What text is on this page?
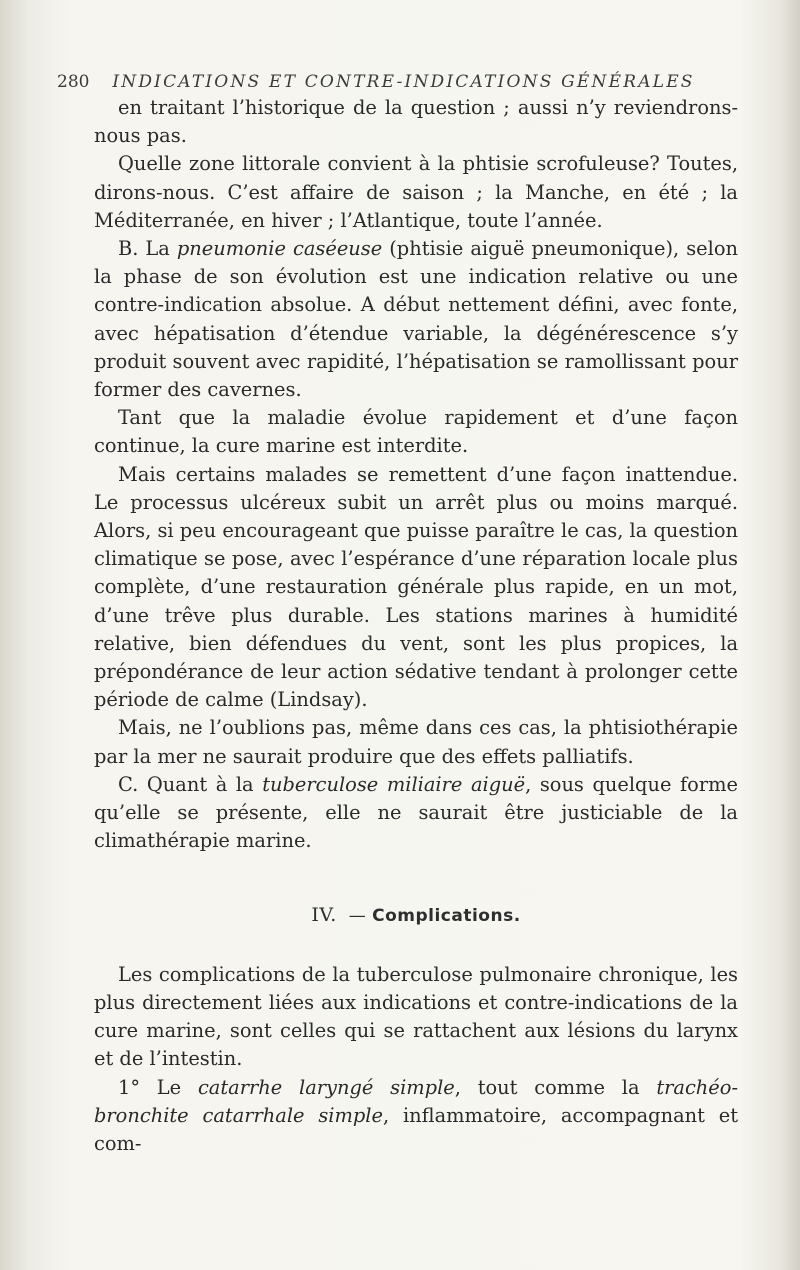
280 INDICATIONS ET CONTRE-INDICATIONS GÉNÉRALES

en traitant l’historique de la question ; aussi n’y reviendrons-nous pas.

Quelle zone littorale convient à la phtisie scrofuleuse? Toutes, dirons-nous. C’est affaire de saison ; la Manche, en été ; la Méditerranée, en hiver ; l’Atlantique, toute l’année.

B. La pneumonie caséeuse (phtisie aiguë pneumonique), selon la phase de son évolution est une indication relative ou une contre-indication absolue. A début nettement défini, avec fonte, avec hépatisation d’étendue variable, la dégénérescence s’y produit souvent avec rapidité, l’hépatisation se ramollissant pour former des cavernes.

Tant que la maladie évolue rapidement et d’une façon continue, la cure marine est interdite.

Mais certains malades se remettent d’une façon inattendue. Le processus ulcéreux subit un arrêt plus ou moins marqué. Alors, si peu encourageant que puisse paraître le cas, la question climatique se pose, avec l’espérance d’une réparation locale plus complète, d’une restauration générale plus rapide, en un mot, d’une trêve plus durable. Les stations marines à humidité relative, bien défendues du vent, sont les plus propices, la prépondérance de leur action sédative tendant à prolonger cette période de calme (Lindsay).

Mais, ne l’oublions pas, même dans ces cas, la phtisiothérapie par la mer ne saurait produire que des effets palliatifs.

C. Quant à la tuberculose miliaire aiguë, sous quelque forme qu’elle se présente, elle ne saurait être justiciable de la climathérapie marine.

IV. — Complications.

Les complications de la tuberculose pulmonaire chronique, les plus directement liées aux indications et contre-indications de la cure marine, sont celles qui se rattachent aux lésions du larynx et de l’intestin.

1° Le catarrhe laryngé simple, tout comme la trachéo-bronchite catarrhale simple, inflammatoire, accompagnant et com-
